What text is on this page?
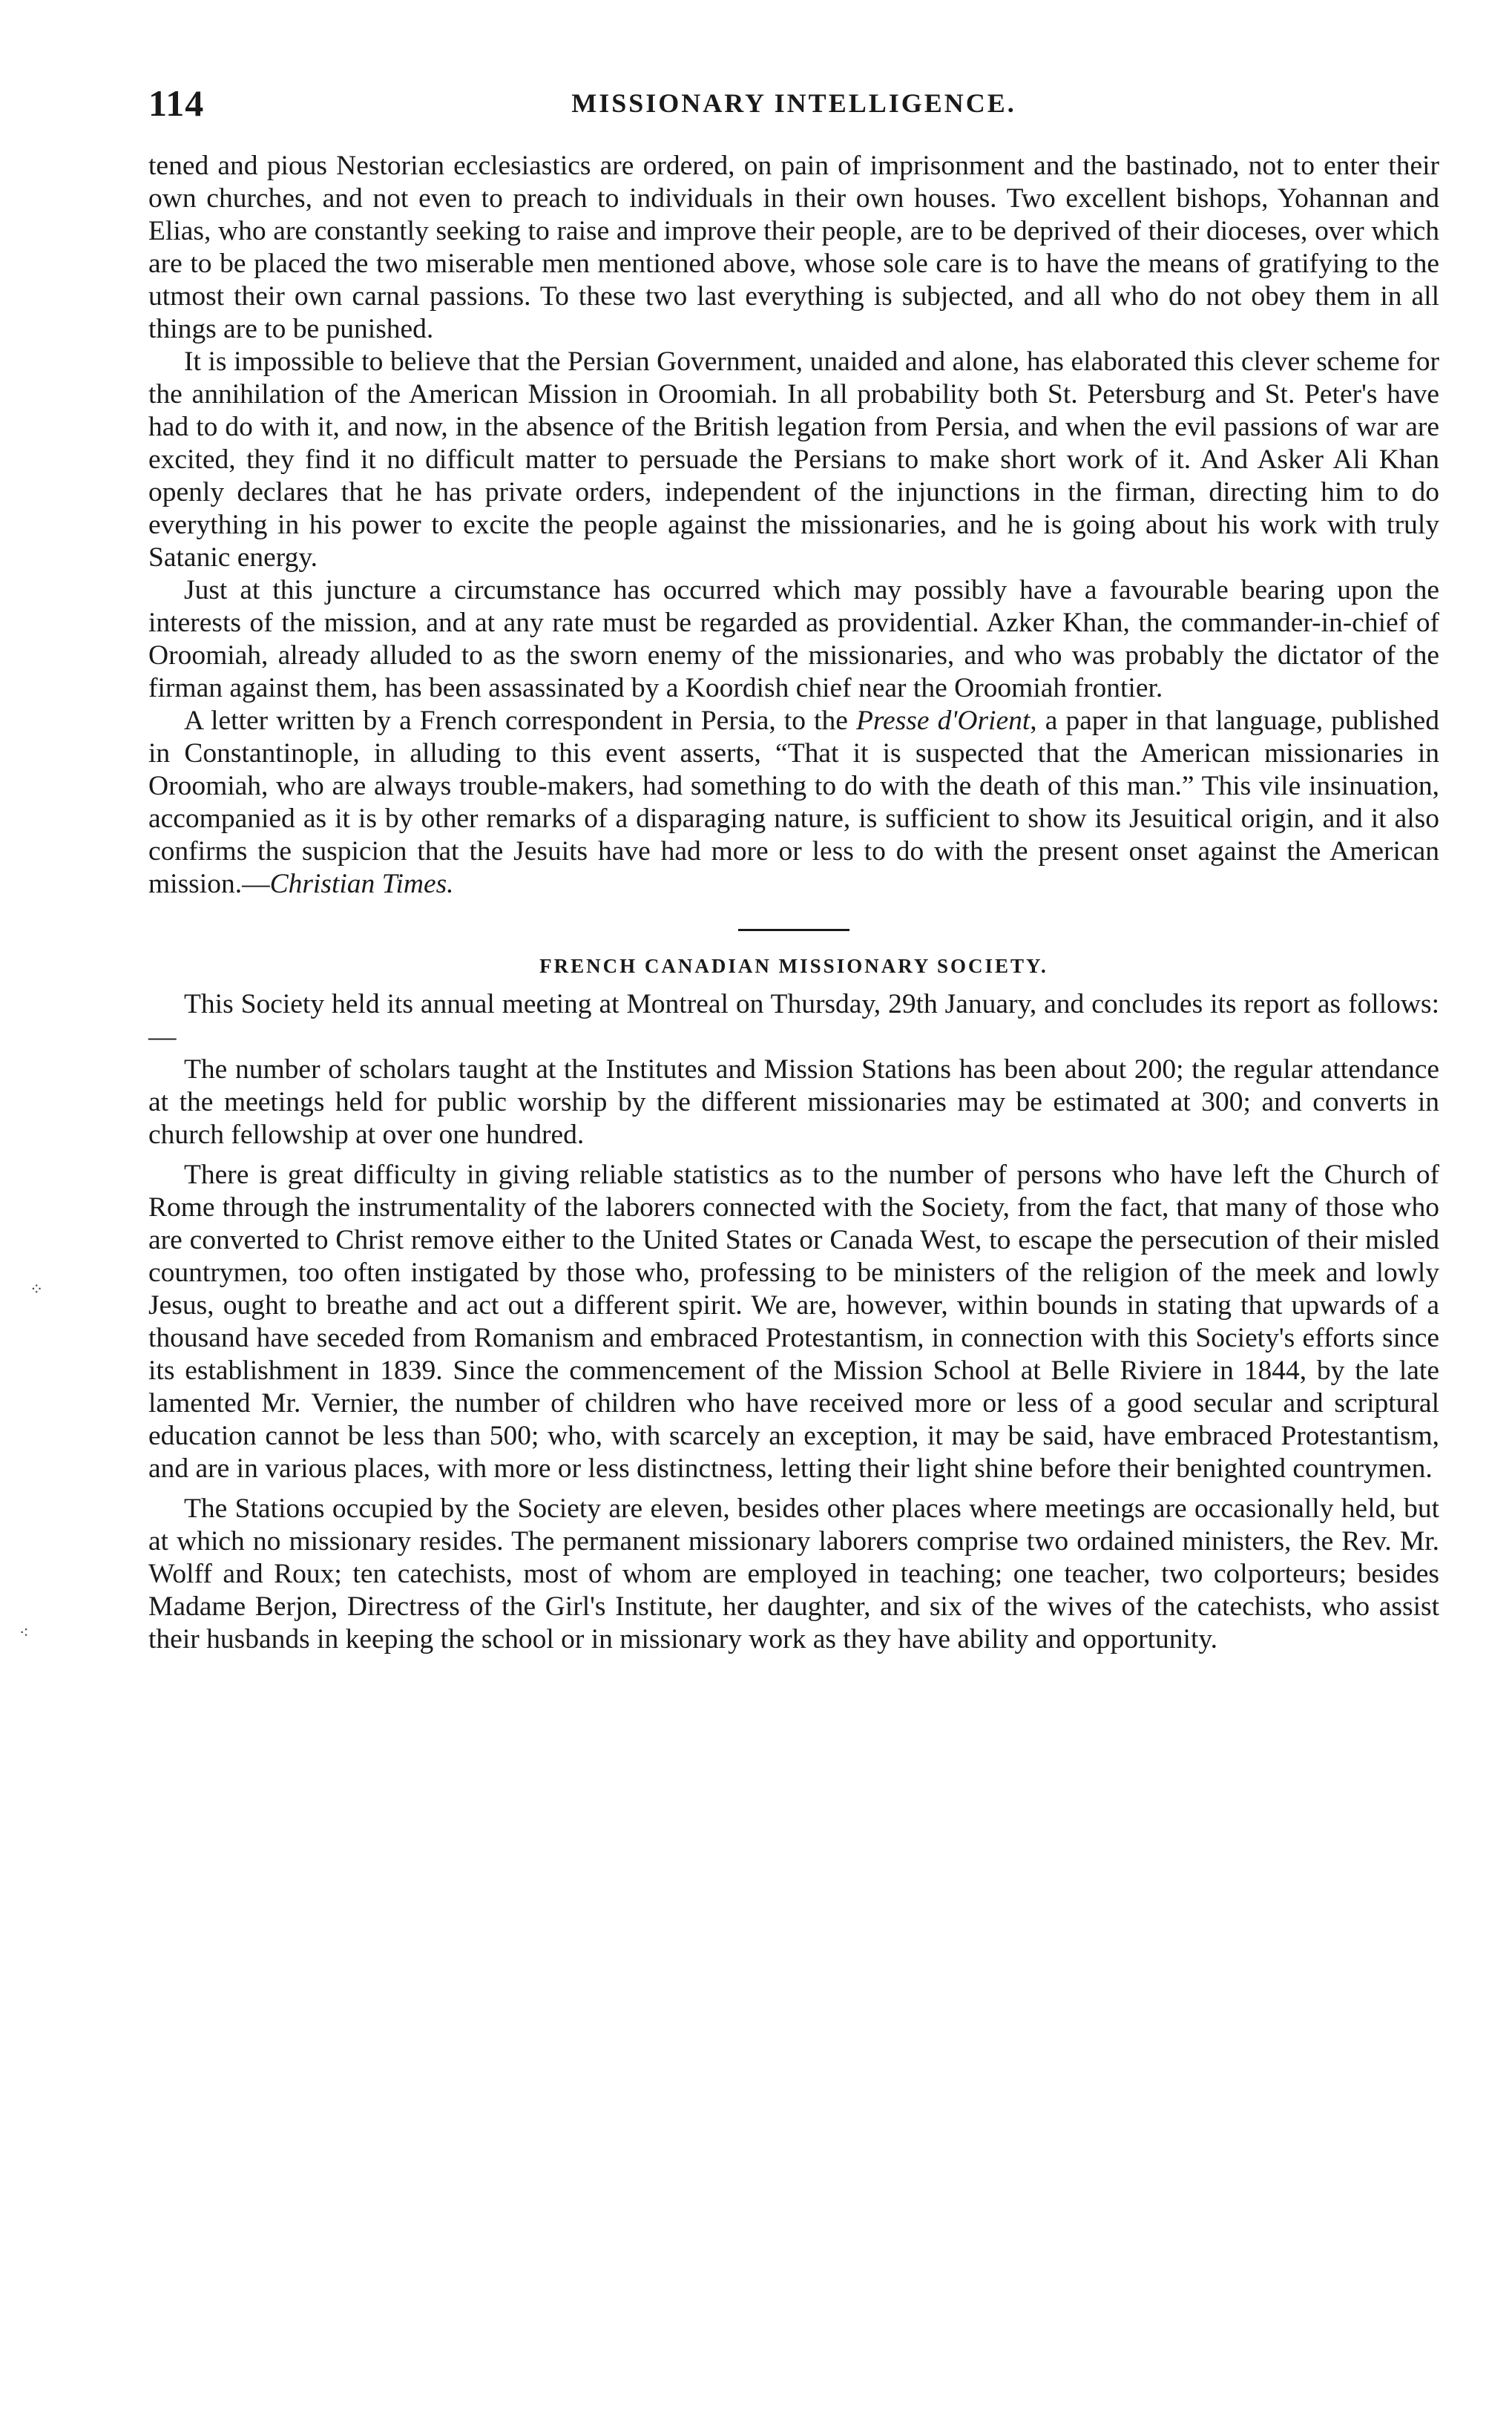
114	MISSIONARY INTELLIGENCE.

tened and pious Nestorian ecclesiastics are ordered, on pain of imprisonment and the bastinado, not to enter their own churches, and not even to preach to individuals in their own houses. Two excellent bishops, Yohannan and Elias, who are constantly seeking to raise and improve their people, are to be deprived of their dioceses, over which are to be placed the two miserable men mentioned above, whose sole care is to have the means of gratifying to the utmost their own carnal passions. To these two last everything is subjected, and all who do not obey them in all things are to be punished.

It is impossible to believe that the Persian Government, unaided and alone, has elaborated this clever scheme for the annihilation of the American Mission in Oroomiah. In all probability both St. Petersburg and St. Peter's have had to do with it, and now, in the absence of the British legation from Persia, and when the evil passions of war are excited, they find it no difficult matter to persuade the Persians to make short work of it. And Asker Ali Khan openly declares that he has private orders, independent of the injunctions in the firman, directing him to do everything in his power to excite the people against the missionaries, and he is going about his work with truly Satanic energy.

Just at this juncture a circumstance has occurred which may possibly have a favourable bearing upon the interests of the mission, and at any rate must be regarded as providential. Azker Khan, the commander-in-chief of Oroomiah, already alluded to as the sworn enemy of the missionaries, and who was probably the dictator of the firman against them, has been assassinated by a Koordish chief near the Oroomiah frontier.

A letter written by a French correspondent in Persia, to the Presse d'Orient, a paper in that language, published in Constantinople, in alluding to this event asserts, “That it is suspected that the American missionaries in Oroomiah, who are always trouble-makers, had something to do with the death of this man.” This vile insinuation, accompanied as it is by other remarks of a disparaging nature, is sufficient to show its Jesuitical origin, and it also confirms the suspicion that the Jesuits have had more or less to do with the present onset against the American mission.—Christian Times.

FRENCH CANADIAN MISSIONARY SOCIETY.

This Society held its annual meeting at Montreal on Thursday, 29th January, and concludes its report as follows:—

The number of scholars taught at the Institutes and Mission Stations has been about 200; the regular attendance at the meetings held for public worship by the different missionaries may be estimated at 300; and converts in church fellowship at over one hundred.

There is great difficulty in giving reliable statistics as to the number of persons who have left the Church of Rome through the instrumentality of the laborers connected with the Society, from the fact, that many of those who are converted to Christ remove either to the United States or Canada West, to escape the persecution of their misled countrymen, too often instigated by those who, professing to be ministers of the religion of the meek and lowly Jesus, ought to breathe and act out a different spirit. We are, however, within bounds in stating that upwards of a thousand have seceded from Romanism and embraced Protestantism, in connection with this Society's efforts since its establishment in 1839. Since the commencement of the Mission School at Belle Riviere in 1844, by the late lamented Mr. Vernier, the number of children who have received more or less of a good secular and scriptural education cannot be less than 500; who, with scarcely an exception, it may be said, have embraced Protestantism, and are in various places, with more or less distinctness, letting their light shine before their benighted countrymen.

The Stations occupied by the Society are eleven, besides other places where meetings are occasionally held, but at which no missionary resides. The permanent missionary laborers comprise two ordained ministers, the Rev. Mr. Wolff and Roux; ten catechists, most of whom are employed in teaching; one teacher, two colporteurs; besides Madame Berjon, Directress of the Girl's Institute, her daughter, and six of the wives of the catechists, who assist their husbands in keeping the school or in missionary work as they have ability and opportunity.

⁘
⁖
